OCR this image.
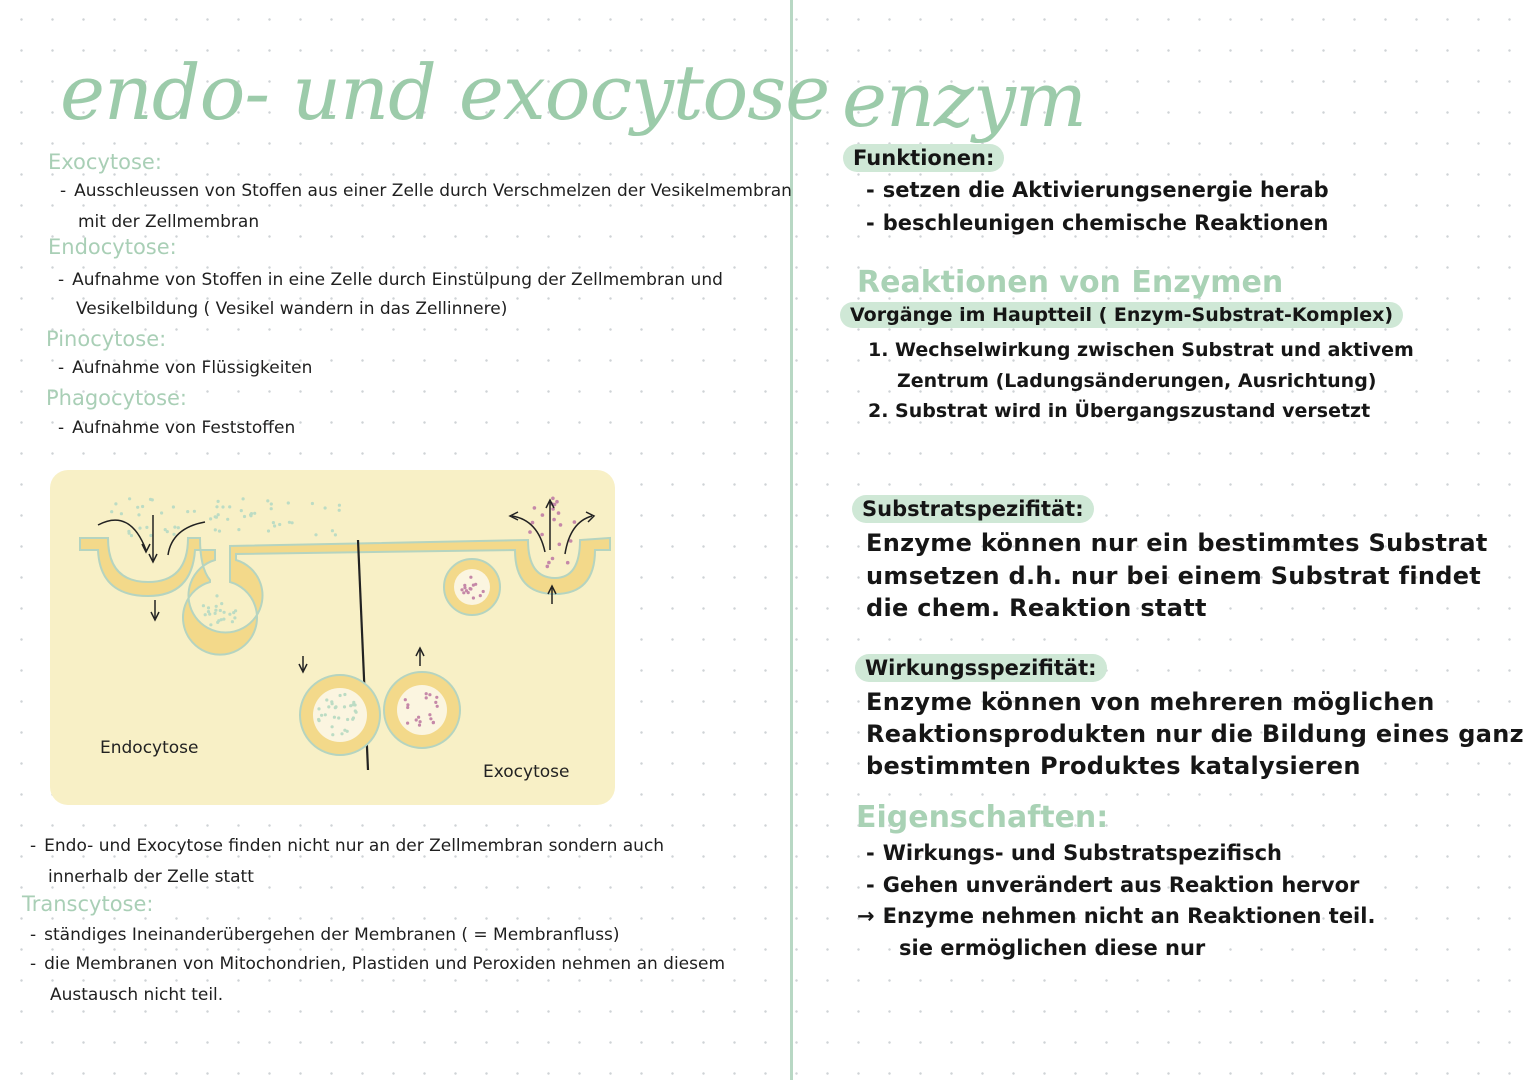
endo- und exocytose
Exocytose:
- Ausschleussen von Stoffen aus einer Zelle durch Verschmelzen der Vesikelmembran
mit der Zellmembran
Endocytose:
- Aufnahme von Stoffen in eine Zelle durch Einstülpung der Zellmembran und
Vesikelbildung ( Vesikel wandern in das Zellinnere)
Pinocytose:
- Aufnahme von Flüssigkeiten
Phagocytose:
- Aufnahme von Feststoffen
Endocytose
Exocytose
- Endo- und Exocytose finden nicht nur an der Zellmembran sondern auch
innerhalb der Zelle statt
Transcytose:
- ständiges Ineinanderübergehen der Membranen ( = Membranfluss)
- die Membranen von Mitochondrien, Plastiden und Peroxiden nehmen an diesem
Austausch nicht teil.
enzym
Funktionen:
- setzen die Aktivierungsenergie herab
- beschleunigen chemische Reaktionen
Reaktionen von Enzymen
Vorgänge im Hauptteil ( Enzym-Substrat-Komplex)
1. Wechselwirkung zwischen Substrat und aktivem
Zentrum (Ladungsänderungen, Ausrichtung)
2. Substrat wird in Übergangszustand versetzt
Substratspezifität:
Enzyme können nur ein bestimmtes Substrat
umsetzen d.h. nur bei einem Substrat findet
die chem. Reaktion statt
Wirkungsspezifität:
Enzyme können von mehreren möglichen
Reaktionsprodukten nur die Bildung eines ganz
bestimmten Produktes katalysieren
Eigenschaften:
- Wirkungs- und Substratspezifisch
- Gehen unverändert aus Reaktion hervor
→ Enzyme nehmen nicht an Reaktionen teil.
sie ermöglichen diese nur
